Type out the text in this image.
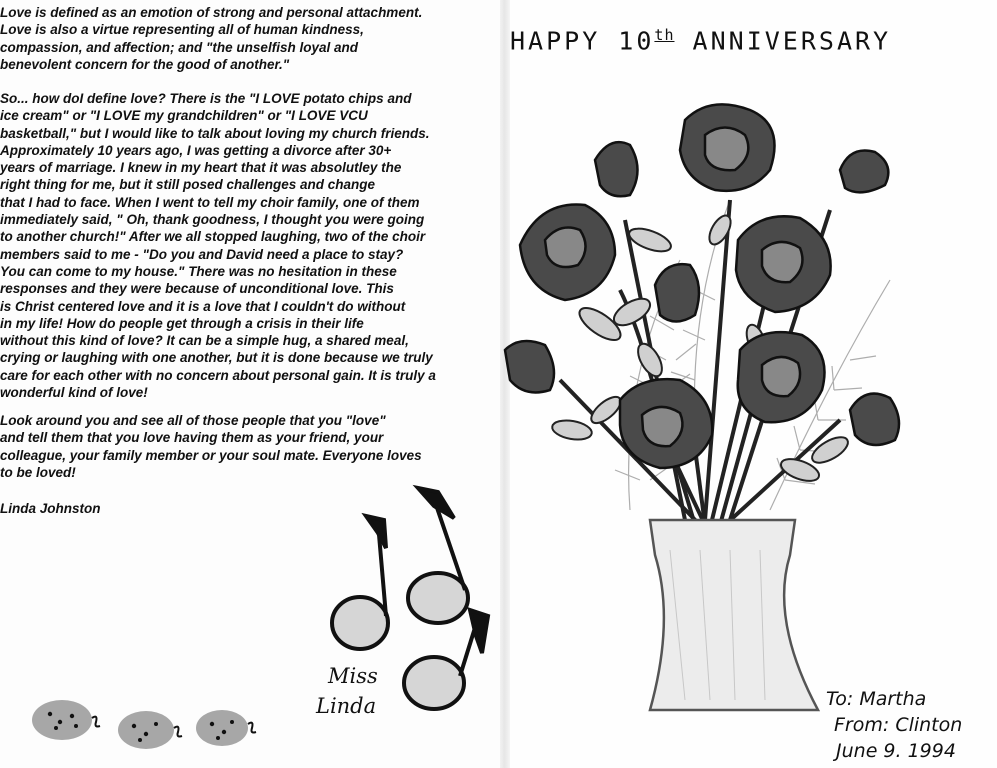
Love is defined as an emotion of strong and personal attachment.
Love is also a virtue representing all of human kindness,
compassion, and affection; and "the unselfish loyal and
benevolent concern for the good of another."

So... how doI define love? There is the "I LOVE potato chips and
ice cream" or "I LOVE my grandchildren" or "I LOVE VCU
basketball," but I would like to talk about loving my church friends.
Approximately 10 years ago, I was getting a divorce after 30+
years of marriage. I knew in my heart that it was absolutley the
right thing for me, but it still posed challenges and change
that I had to face. When I went to tell my choir family, one of them
immediately said, " Oh, thank goodness, I thought you were going
to another church!" After we all stopped laughing, two of the choir
members said to me - "Do you and David need a place to stay?
You can come to my house." There was no hesitation in these
responses and they were because of unconditional love. This
is Christ centered love and it is a love that I couldn't do without
in my life! How do people get through a crisis in their life
without this kind of love? It can be a simple hug, a shared meal,
crying or laughing with one another, but it is done because we truly
care for each other with no concern about personal gain. It is truly a
wonderful kind of love!

Look around you and see all of those people that you "love"
and tell them that you love having them as your friend, your
colleague, your family member or your soul mate. Everyone loves
to be loved!

Linda Johnston

Miss
Linda
HAPPY 10th ANNIVERSARY
To: Martha
From: Clinton
June 9. 1994
